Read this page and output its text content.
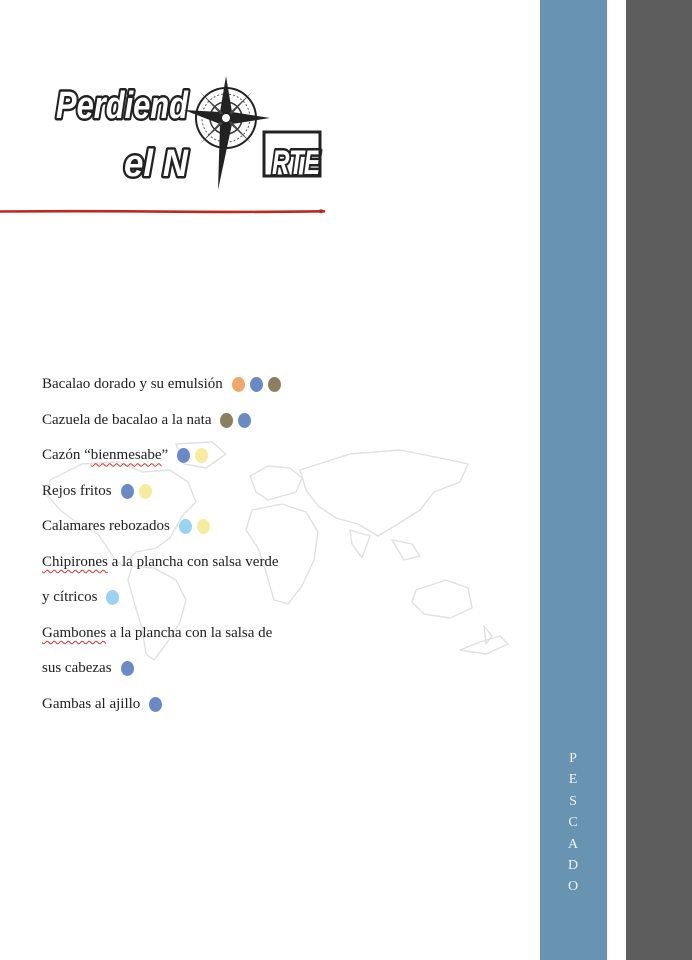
P
E
S
C
A
D
O
Perdiend
el N RTE
Bacalao dorado y su emulsión
Cazuela de bacalao a la nata
Cazón “bienmesabe”
Rejos fritos
Calamares rebozados
Chipirones a la plancha con salsa verde
y cítricos
Gambones a la plancha con la salsa de
sus cabezas
Gambas al ajillo
